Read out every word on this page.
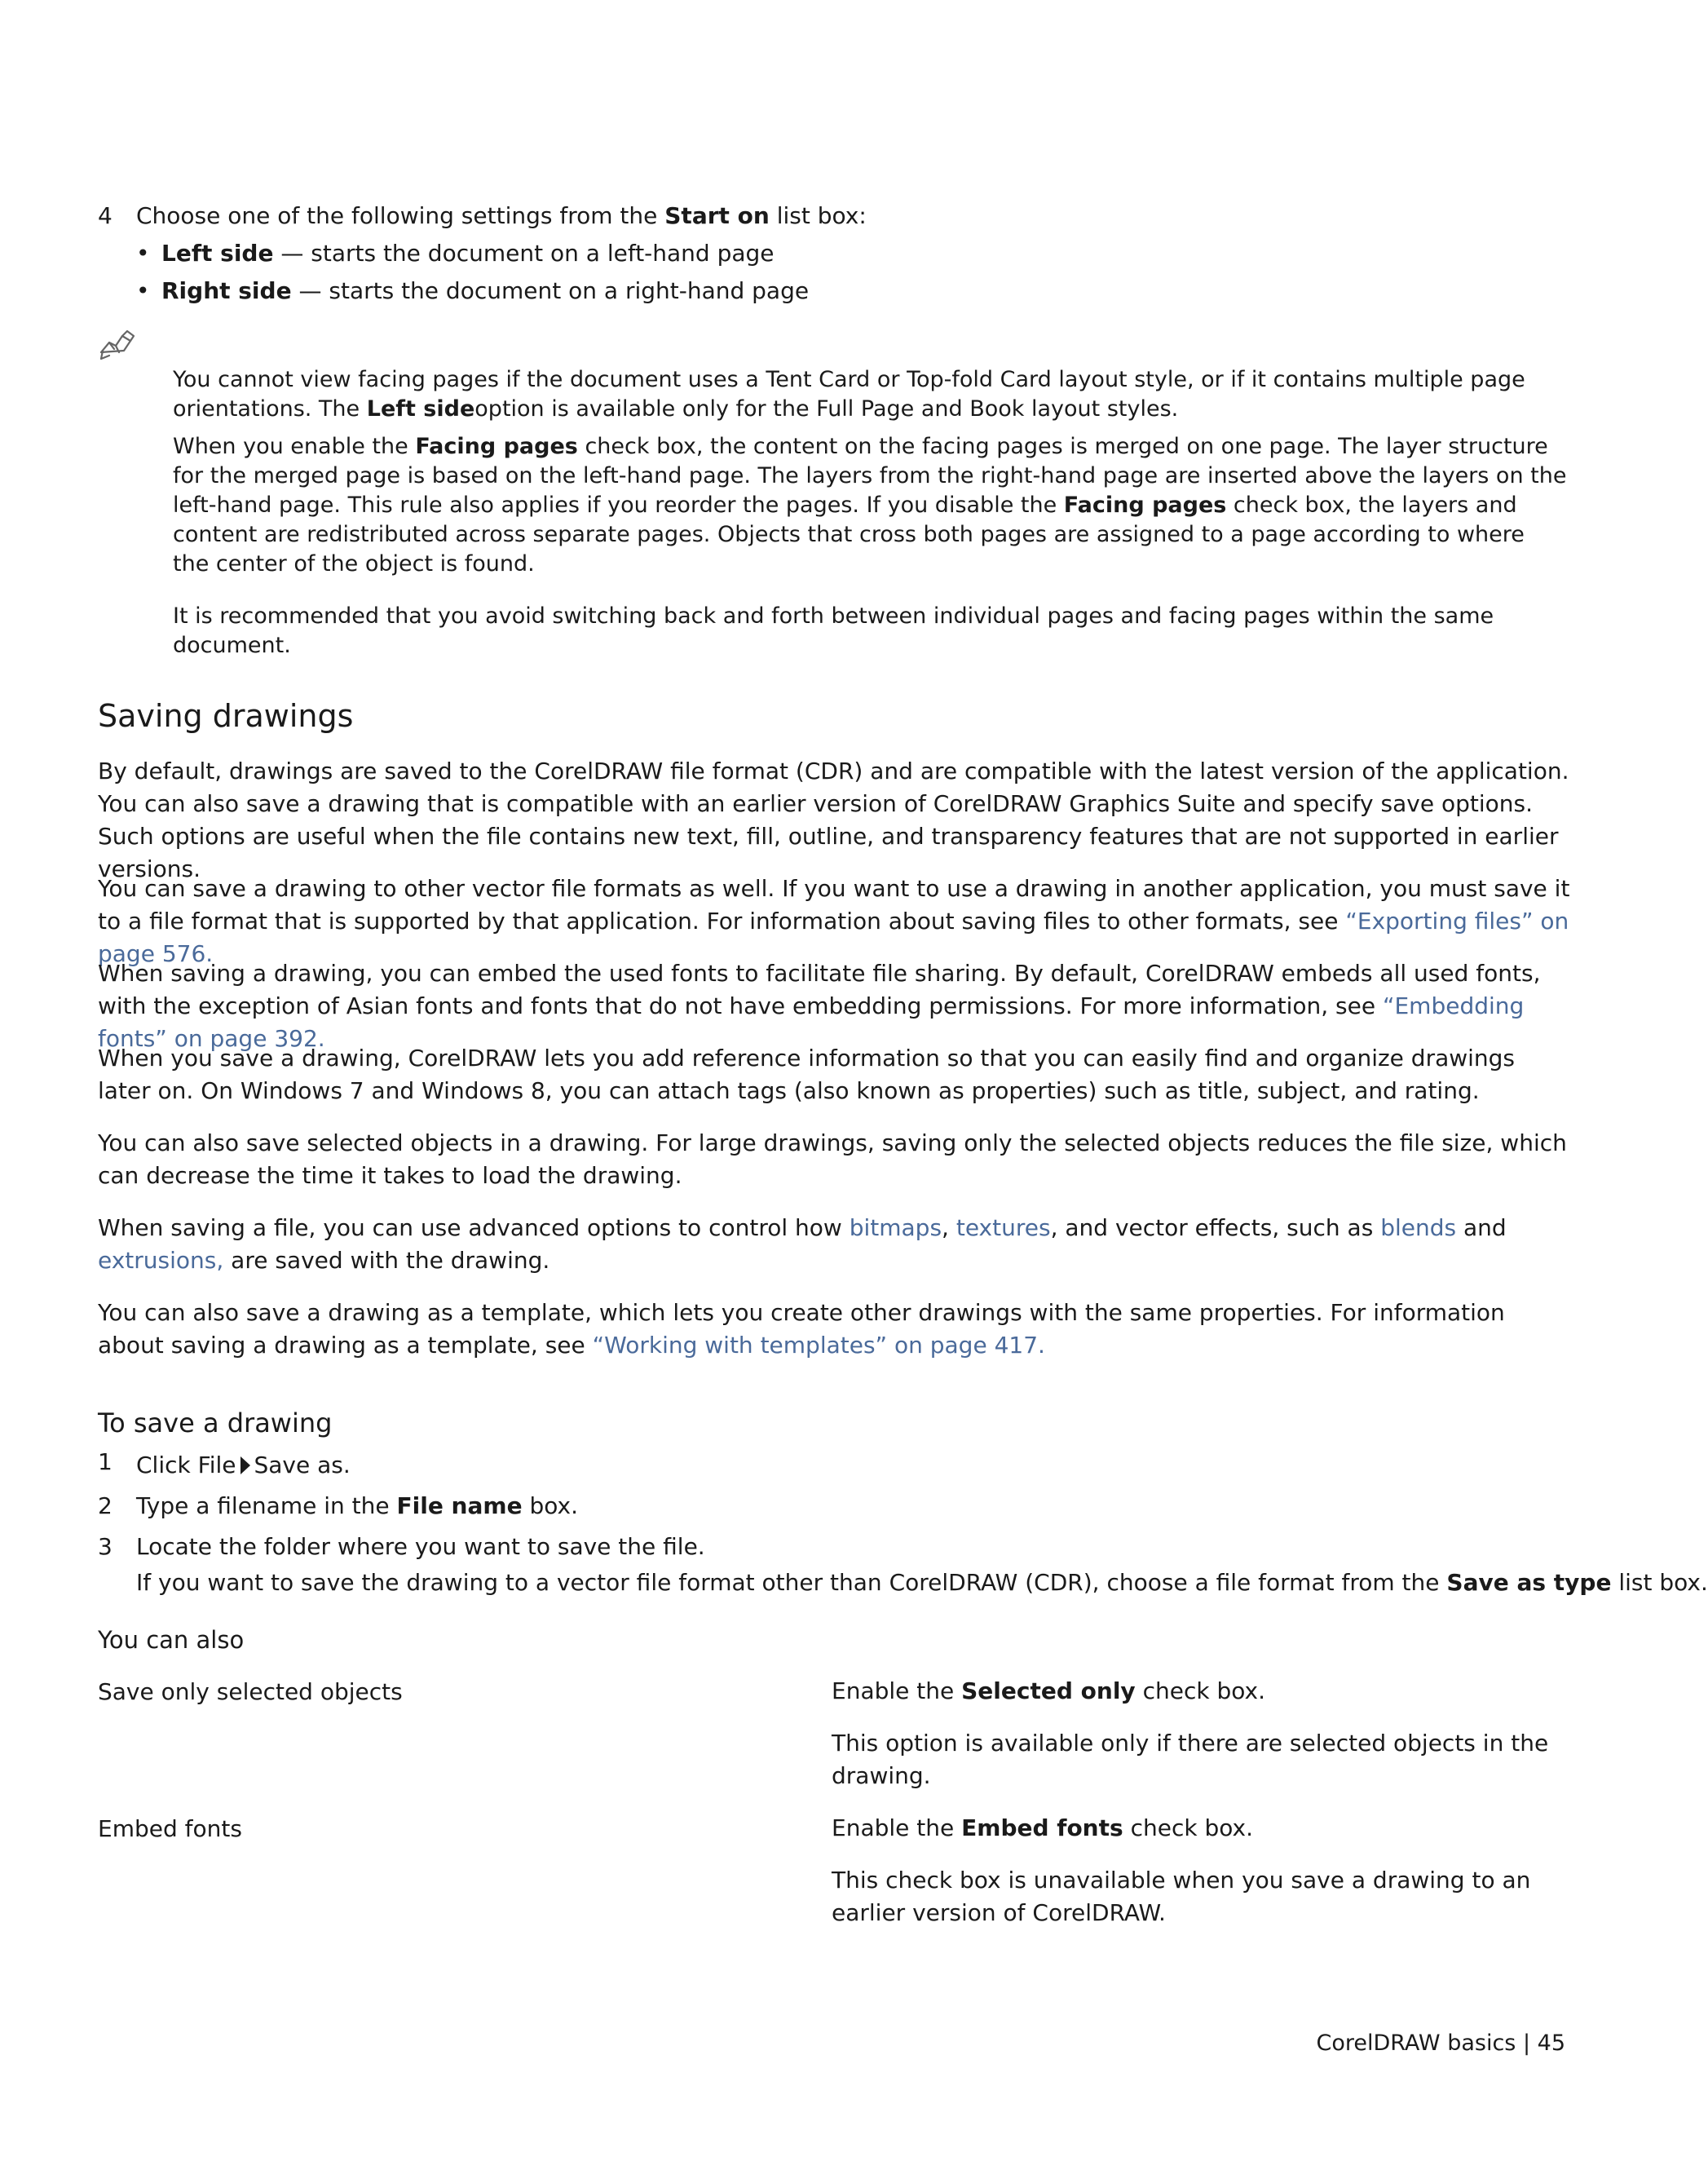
4 Choose one of the following settings from the Start on list box:
• Left side — starts the document on a left-hand page
• Right side — starts the document on a right-hand page

You cannot view facing pages if the document uses a Tent Card or Top-fold Card layout style, or if it contains multiple page orientations. The Left sideoption is available only for the Full Page and Book layout styles.

When you enable the Facing pages check box, the content on the facing pages is merged on one page. The layer structure for the merged page is based on the left-hand page. The layers from the right-hand page are inserted above the layers on the left-hand page. This rule also applies if you reorder the pages. If you disable the Facing pages check box, the layers and content are redistributed across separate pages. Objects that cross both pages are assigned to a page according to where the center of the object is found.

It is recommended that you avoid switching back and forth between individual pages and facing pages within the same document.

Saving drawings

By default, drawings are saved to the CorelDRAW file format (CDR) and are compatible with the latest version of the application. You can also save a drawing that is compatible with an earlier version of CorelDRAW Graphics Suite and specify save options. Such options are useful when the file contains new text, fill, outline, and transparency features that are not supported in earlier versions.

You can save a drawing to other vector file formats as well. If you want to use a drawing in another application, you must save it to a file format that is supported by that application. For information about saving files to other formats, see “Exporting files” on page 576.

When saving a drawing, you can embed the used fonts to facilitate file sharing. By default, CorelDRAW embeds all used fonts, with the exception of Asian fonts and fonts that do not have embedding permissions. For more information, see “Embedding fonts” on page 392.

When you save a drawing, CorelDRAW lets you add reference information so that you can easily find and organize drawings later on. On Windows 7 and Windows 8, you can attach tags (also known as properties) such as title, subject, and rating.

You can also save selected objects in a drawing. For large drawings, saving only the selected objects reduces the file size, which can decrease the time it takes to load the drawing.

When saving a file, you can use advanced options to control how bitmaps, textures, and vector effects, such as blends and extrusions, are saved with the drawing.

You can also save a drawing as a template, which lets you create other drawings with the same properties. For information about saving a drawing as a template, see “Working with templates” on page 417.

To save a drawing
1 Click File Save as.
2 Type a filename in the File name box.
3 Locate the folder where you want to save the file.
If you want to save the drawing to a vector file format other than CorelDRAW (CDR), choose a file format from the Save as type list box.
You can also
Save only selected objects	Enable the Selected only check box.
This option is available only if there are selected objects in the drawing.
Embed fonts	Enable the Embed fonts check box.
This check box is unavailable when you save a drawing to an earlier version of CorelDRAW.
CorelDRAW basics | 45
